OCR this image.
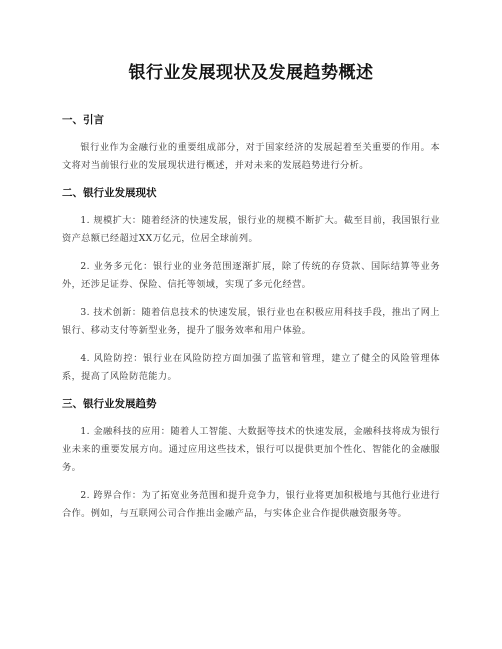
银行业发展现状及发展趋势概述
一、引言

银行业作为金融行业的重要组成部分，对于国家经济的发展起着至关重要的作用。本文将对当前银行业的发展现状进行概述，并对未来的发展趋势进行分析。

二、银行业发展现状

1. 规模扩大：随着经济的快速发展，银行业的规模不断扩大。截至目前，我国银行业资产总额已经超过XX万亿元，位居全球前列。

2. 业务多元化：银行业的业务范围逐渐扩展，除了传统的存贷款、国际结算等业务外，还涉足证券、保险、信托等领域，实现了多元化经营。

3. 技术创新：随着信息技术的快速发展，银行业也在积极应用科技手段，推出了网上银行、移动支付等新型业务，提升了服务效率和用户体验。

4. 风险防控：银行业在风险防控方面加强了监管和管理，建立了健全的风险管理体系，提高了风险防范能力。

三、银行业发展趋势

1. 金融科技的应用：随着人工智能、大数据等技术的快速发展，金融科技将成为银行业未来的重要发展方向。通过应用这些技术，银行可以提供更加个性化、智能化的金融服务。

2. 跨界合作：为了拓宽业务范围和提升竞争力，银行业将更加积极地与其他行业进行合作。例如，与互联网公司合作推出金融产品，与实体企业合作提供融资服务等。
